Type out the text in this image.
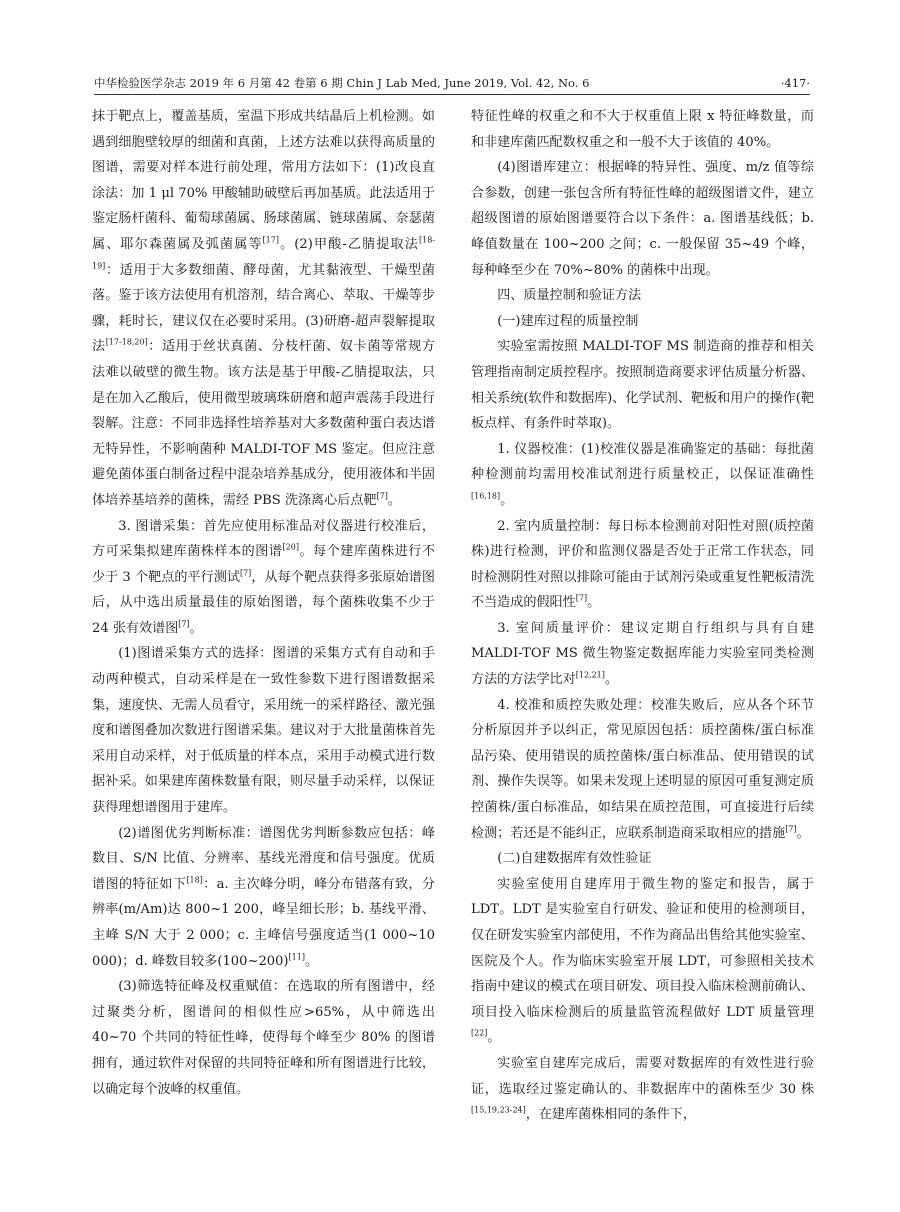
中华检验医学杂志 2019 年 6 月第 42 卷第 6 期 Chin J Lab Med, June 2019, Vol. 42, No. 6	·417·

抹于靶点上，覆盖基质，室温下形成共结晶后上机检测。如遇到细胞壁较厚的细菌和真菌，上述方法难以获得高质量的图谱，需要对样本进行前处理，常用方法如下：(1)改良直涂法：加 1 μl 70% 甲酸辅助破壁后再加基质。此法适用于鉴定肠杆菌科、葡萄球菌属、肠球菌属、链球菌属、奈瑟菌属、耶尔森菌属及弧菌属等[17]。(2)甲酸-乙腈提取法[18-19]：适用于大多数细菌、酵母菌，尤其黏液型、干燥型菌落。鉴于该方法使用有机溶剂，结合离心、萃取、干燥等步骤，耗时长，建议仅在必要时采用。(3)研磨-超声裂解提取法[17-18,20]：适用于丝状真菌、分枝杆菌、奴卡菌等常规方法难以破壁的微生物。该方法是基于甲酸-乙腈提取法，只是在加入乙酸后，使用微型玻璃珠研磨和超声震荡手段进行裂解。注意：不同非选择性培养基对大多数菌种蛋白表达谱无特异性，不影响菌种 MALDI-TOF MS 鉴定。但应注意避免菌体蛋白制备过程中混杂培养基成分，使用液体和半固体培养基培养的菌株，需经 PBS 洗涤离心后点靶[7]。

3. 图谱采集：首先应使用标准品对仪器进行校准后，方可采集拟建库菌株样本的图谱[20]。每个建库菌株进行不少于 3 个靶点的平行测试[7]，从每个靶点获得多张原始谱图后，从中选出质量最佳的原始图谱，每个菌株收集不少于 24 张有效谱图[7]。

(1)图谱采集方式的选择：图谱的采集方式有自动和手动两种模式，自动采样是在一致性参数下进行图谱数据采集，速度快、无需人员看守，采用统一的采样路径、激光强度和谱图叠加次数进行图谱采集。建议对于大批量菌株首先采用自动采样，对于低质量的样本点，采用手动模式进行数据补采。如果建库菌株数量有限，则尽量手动采样，以保证获得理想谱图用于建库。

(2)谱图优劣判断标准：谱图优劣判断参数应包括：峰数目、S/N 比值、分辨率、基线光滑度和信号强度。优质谱图的特征如下[18]：a. 主次峰分明，峰分布错落有致，分辨率(m/Am)达 800~1 200，峰呈细长形；b. 基线平滑、主峰 S/N 大于 2 000；c. 主峰信号强度适当(1 000~10 000)；d. 峰数目较多(100~200)[11]。

(3)筛选特征峰及权重赋值：在选取的所有图谱中，经过聚类分析，图谱间的相似性应>65%，从中筛选出 40~70 个共同的特征性峰，使得每个峰至少 80% 的图谱拥有，通过软件对保留的共同特征峰和所有图谱进行比较，以确定每个波峰的权重值。

特征性峰的权重之和不大于权重值上限 x 特征峰数量，而和非建库菌匹配数权重之和一般不大于该值的 40%。

(4)图谱库建立：根据峰的特异性、强度、m/z 值等综合参数，创建一张包含所有特征性峰的超级图谱文件，建立超级图谱的原始图谱要符合以下条件：a. 图谱基线低；b. 峰值数量在 100~200 之间；c. 一般保留 35~49 个峰，每种峰至少在 70%~80% 的菌株中出现。

四、质量控制和验证方法

(一)建库过程的质量控制

实验室需按照 MALDI-TOF MS 制造商的推荐和相关管理指南制定质控程序。按照制造商要求评估质量分析器、相关系统(软件和数据库)、化学试剂、靶板和用户的操作(靶板点样、有条件时萃取)。

1. 仪器校准：(1)校准仪器是准确鉴定的基础：每批菌种检测前均需用校准试剂进行质量校正，以保证准确性[16,18]。

2. 室内质量控制：每日标本检测前对阳性对照(质控菌株)进行检测，评价和监测仪器是否处于正常工作状态，同时检测阴性对照以排除可能由于试剂污染或重复性靶板清洗不当造成的假阳性[7]。

3. 室间质量评价：建议定期自行组织与具有自建 MALDI-TOF MS 微生物鉴定数据库能力实验室同类检测方法的方法学比对[12,21]。

4. 校准和质控失败处理：校准失败后，应从各个环节分析原因并予以纠正，常见原因包括：质控菌株/蛋白标准品污染、使用错误的质控菌株/蛋白标准品、使用错误的试剂、操作失误等。如果未发现上述明显的原因可重复测定质控菌株/蛋白标准品，如结果在质控范围，可直接进行后续检测；若还是不能纠正，应联系制造商采取相应的措施[7]。

(二)自建数据库有效性验证

实验室使用自建库用于微生物的鉴定和报告，属于 LDT。LDT 是实验室自行研发、验证和使用的检测项目，仅在研发实验室内部使用，不作为商品出售给其他实验室、医院及个人。作为临床实验室开展 LDT，可参照相关技术指南中建议的模式在项目研发、项目投入临床检测前确认、项目投入临床检测后的质量监管流程做好 LDT 质量管理[22]。

实验室自建库完成后，需要对数据库的有效性进行验证，选取经过鉴定确认的、非数据库中的菌株至少 30 株[15,19,23-24]，在建库菌株相同的条件下，
